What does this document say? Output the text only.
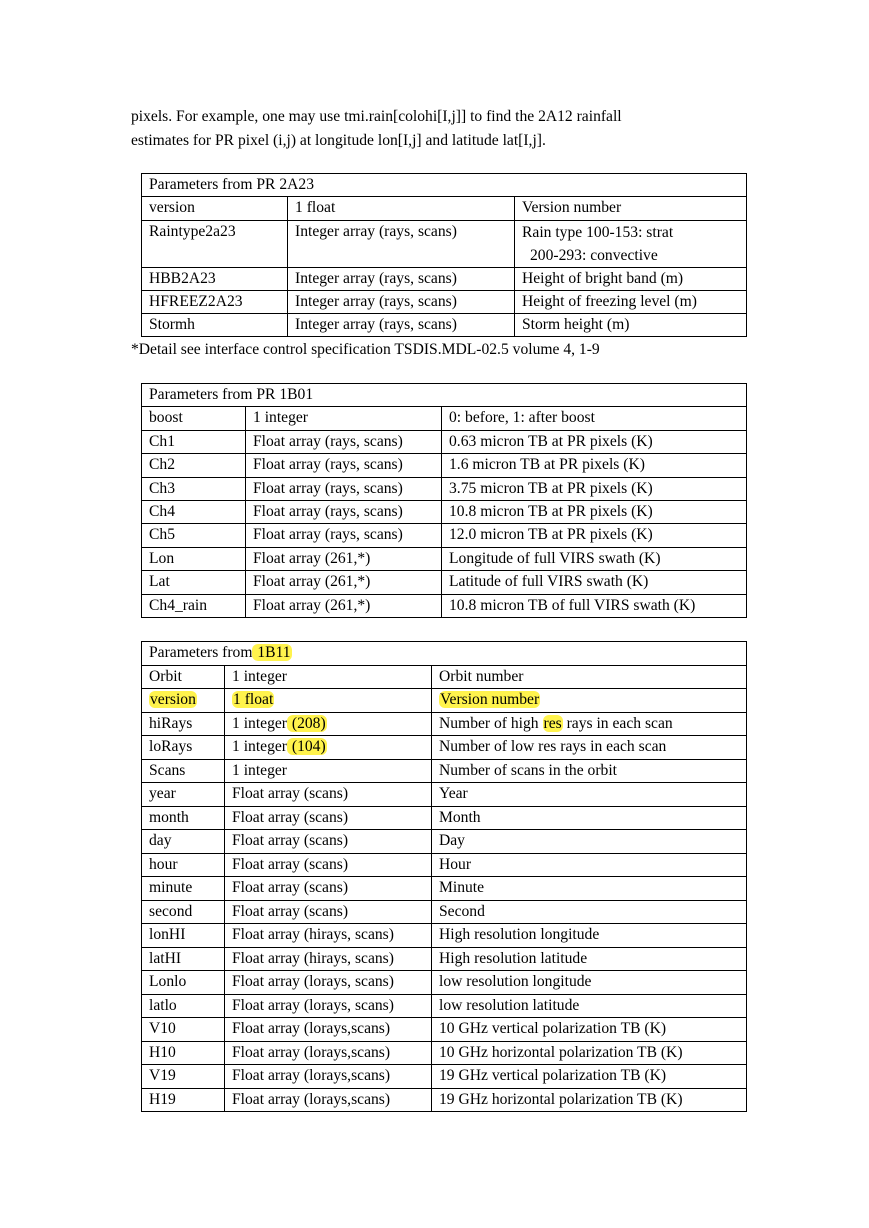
pixels. For example, one may use tmi.rain[colohi[I,j]] to find the 2A12 rainfall

estimates for PR pixel (i,j) at longitude lon[I,j] and latitude lat[I,j].

Parameters from PR 2A23		
version	1 float	Version number
Raintype2a23	Integer array (rays, scans)	Rain type 100-153: strat
200-293: convective

HBB2A23	Integer array (rays, scans)	Height of bright band (m)
HFREEZ2A23	Integer array (rays, scans)	Height of freezing level (m)
Stormh	Integer array (rays, scans)	Storm height (m)
*Detail see interface control specification TSDIS.MDL-02.5 volume 4, 1-9
Parameters from PR 1B01		
boost	1 integer	0: before, 1: after boost
Ch1	Float array (rays, scans)	0.63 micron TB at PR pixels (K)
Ch2	Float array (rays, scans)	1.6 micron TB at PR pixels (K)
Ch3	Float array (rays, scans)	3.75 micron TB at PR pixels (K)
Ch4	Float array (rays, scans)	10.8 micron TB at PR pixels (K)
Ch5	Float array (rays, scans)	12.0 micron TB at PR pixels (K)
Lon	Float array (261,*)	Longitude of full VIRS swath (K)
Lat	Float array (261,*)	Latitude of full VIRS swath (K)
Ch4_rain	Float array (261,*)	10.8 micron TB of full VIRS swath (K)
Parameters from 1B11		
Orbit	1 integer	Orbit number
version	1 float	Version number
hiRays	1 integer (208)	Number of high res rays in each scan
loRays	1 integer (104)	Number of low res rays in each scan
Scans	1 integer	Number of scans in the orbit
year	Float array (scans)	Year
month	Float array (scans)	Month
day	Float array (scans)	Day
hour	Float array (scans)	Hour
minute	Float array (scans)	Minute
second	Float array (scans)	Second
lonHI	Float array (hirays, scans)	High resolution longitude
latHI	Float array (hirays, scans)	High resolution latitude
Lonlo	Float array (lorays, scans)	low resolution longitude
latlo	Float array (lorays, scans)	low resolution latitude
V10	Float array (lorays,scans)	10 GHz vertical polarization TB (K)
H10	Float array (lorays,scans)	10 GHz horizontal polarization TB (K)
V19	Float array (lorays,scans)	19 GHz vertical polarization TB (K)
H19	Float array (lorays,scans)	19 GHz horizontal polarization TB (K)
